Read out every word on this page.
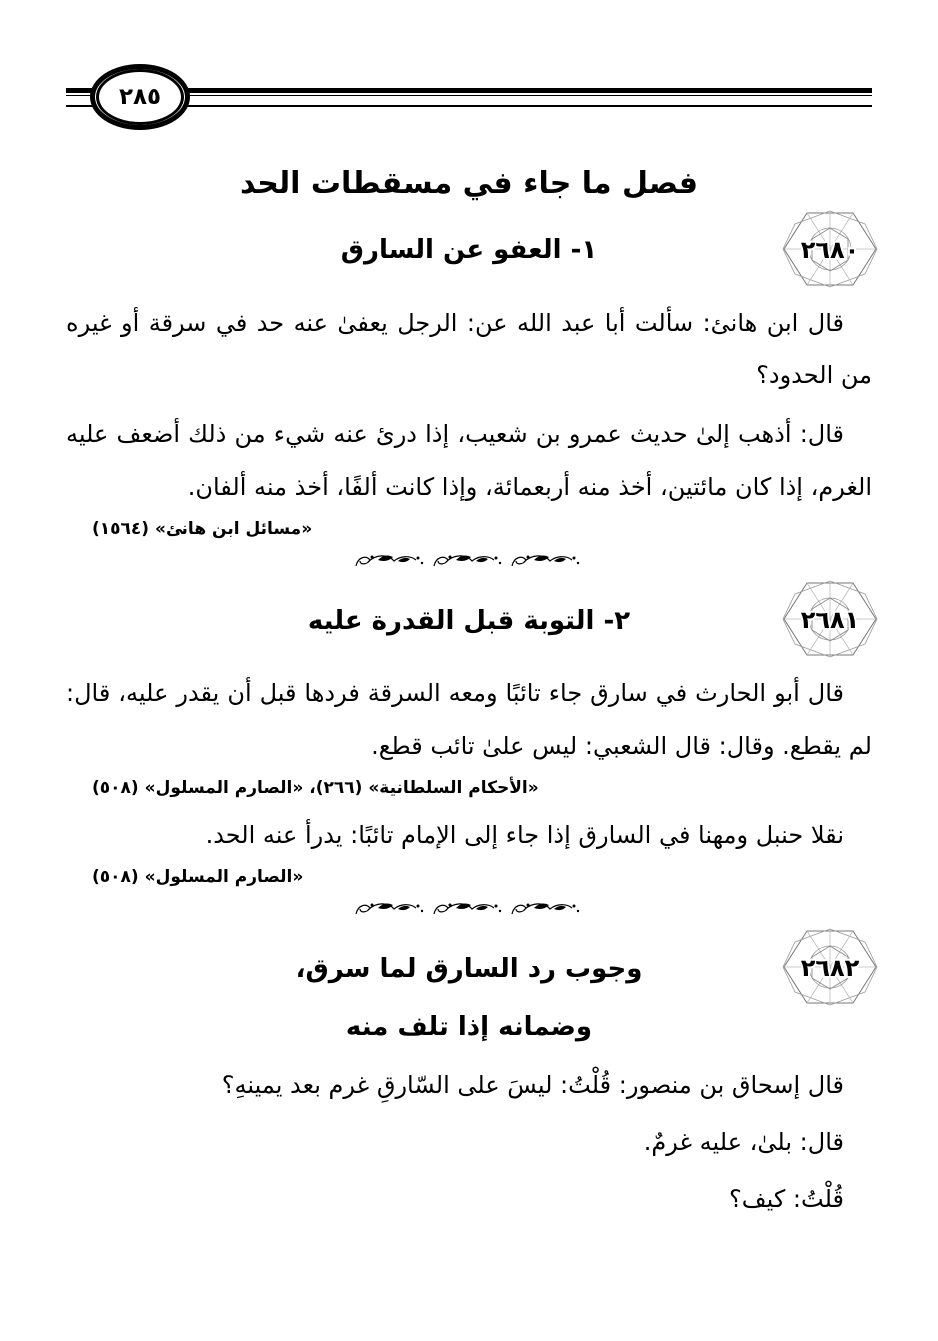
٢٨٥
فصل ما جاء في مسقطات الحد
١- العفو عن السارق	٢٦٨٠

قال ابن هانئ: سألت أبا عبد الله عن: الرجل يعفىٰ عنه حد في سرقة أو غيره من الحدود؟

قال: أذهب إلىٰ حديث عمرو بن شعيب، إذا درئ عنه شيء من ذلك أضعف عليه الغرم، إذا كان مائتين، أخذ منه أربعمائة، وإذا كانت ألفًا، أخذ منه ألفان.

«مسائل ابن هانئ» (١٥٦٤)

٢- التوبة قبل القدرة عليه	٢٦٨١

قال أبو الحارث في سارق جاء تائبًا ومعه السرقة فردها قبل أن يقدر عليه، قال: لم يقطع. وقال: قال الشعبي: ليس علىٰ تائب قطع.

«الأحكام السلطانية» (٢٦٦)، «الصارم المسلول» (٥٠٨)

نقلا حنبل ومهنا في السارق إذا جاء إلى الإمام تائبًا: يدرأ عنه الحد.

«الصارم المسلول» (٥٠٨)

وجوب رد السارق لما سرق،	٢٦٨٢
وضمانه إذا تلف منه

قال إسحاق بن منصور: قُلْتُ: ليسَ على السّارقِ غرم بعد يمينهِ؟

قال: بلىٰ، عليه غرمٌ.

قُلْتُ: كيف؟
